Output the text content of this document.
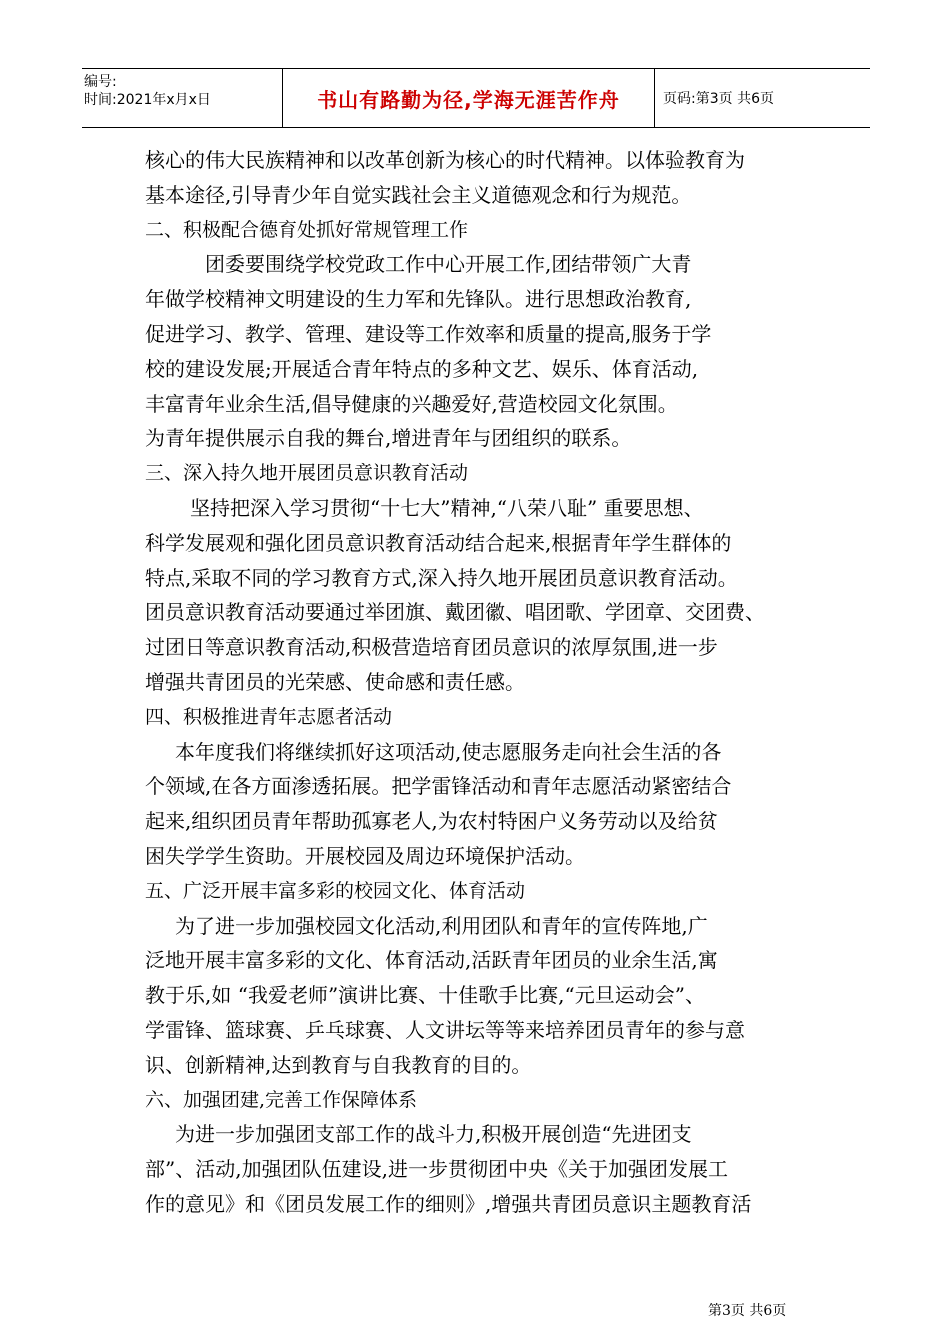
编号:
时间:2021年x月x日	书山有路勤为径,学海无涯苦作舟	页码:第3页 共6页
核心的伟大民族精神和以改革创新为核心的时代精神。以体验教育为
基本途径,引导青少年自觉实践社会主义道德观念和行为规范。
二、积极配合德育处抓好常规管理工作
团委要围绕学校党政工作中心开展工作,团结带领广大青
年做学校精神文明建设的生力军和先锋队。进行思想政治教育,
促进学习、教学、管理、建设等工作效率和质量的提高,服务于学
校的建设发展;开展适合青年特点的多种文艺、娱乐、体育活动,
丰富青年业余生活,倡导健康的兴趣爱好,营造校园文化氛围。
为青年提供展示自我的舞台,增进青年与团组织的联系。
三、深入持久地开展团员意识教育活动
坚持把深入学习贯彻“十七大”精神,“八荣八耻” 重要思想、
科学发展观和强化团员意识教育活动结合起来,根据青年学生群体的
特点,采取不同的学习教育方式,深入持久地开展团员意识教育活动。
团员意识教育活动要通过举团旗、戴团徽、唱团歌、学团章、交团费、
过团日等意识教育活动,积极营造培育团员意识的浓厚氛围,进一步
增强共青团员的光荣感、使命感和责任感。
四、积极推进青年志愿者活动
本年度我们将继续抓好这项活动,使志愿服务走向社会生活的各
个领域,在各方面渗透拓展。把学雷锋活动和青年志愿活动紧密结合
起来,组织团员青年帮助孤寡老人,为农村特困户义务劳动以及给贫
困失学学生资助。开展校园及周边环境保护活动。
五、广泛开展丰富多彩的校园文化、体育活动
为了进一步加强校园文化活动,利用团队和青年的宣传阵地,广
泛地开展丰富多彩的文化、体育活动,活跃青年团员的业余生活,寓
教于乐,如 “我爱老师”演讲比赛、十佳歌手比赛,“元旦运动会”、
学雷锋、篮球赛、乒乓球赛、人文讲坛等等来培养团员青年的参与意
识、创新精神,达到教育与自我教育的目的。
六、加强团建,完善工作保障体系
为进一步加强团支部工作的战斗力,积极开展创造“先进团支
部”、活动,加强团队伍建设,进一步贯彻团中央《关于加强团发展工
作的意见》和《团员发展工作的细则》,增强共青团员意识主题教育活
第3页 共6页
